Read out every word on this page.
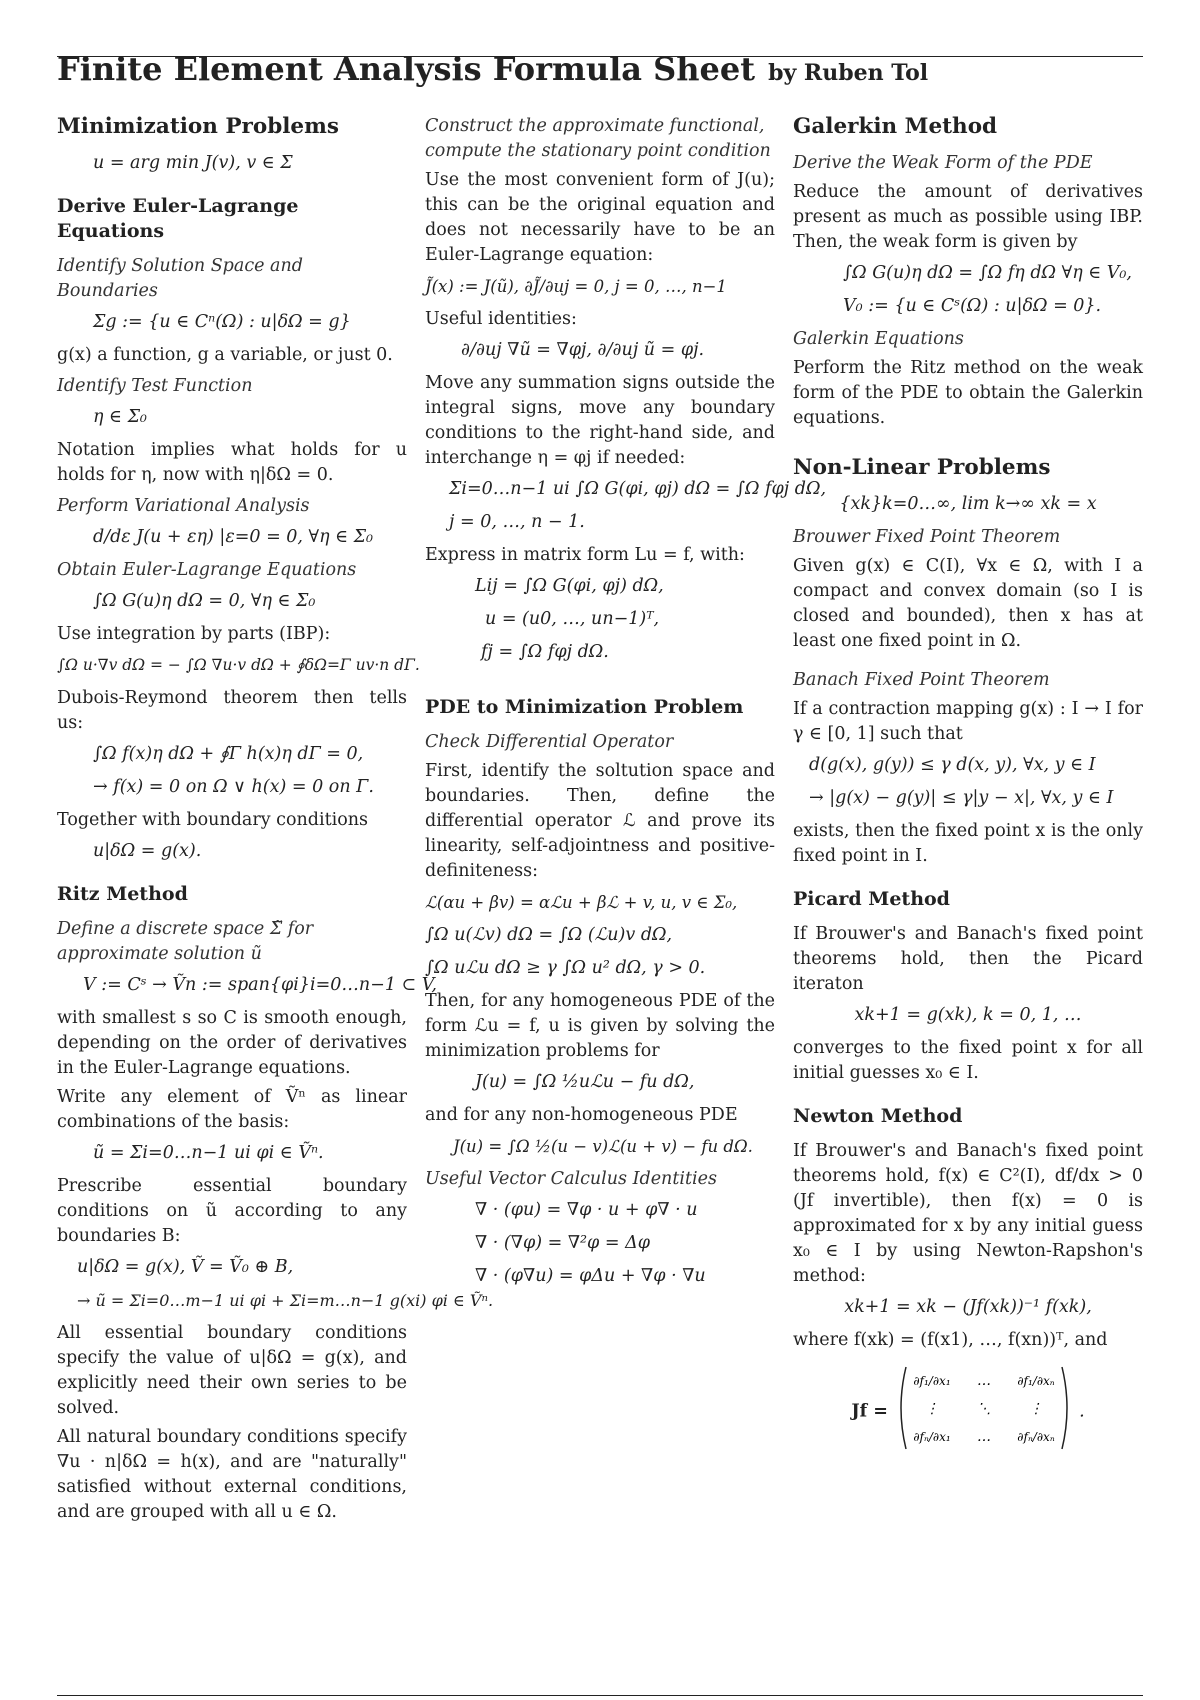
Finite Element Analysis Formula Sheet by Ruben Tol
Minimization Problems
u = arg min J(v), v ∈ Σ
Derive Euler-Lagrange Equations
Identify Solution Space and Boundaries
Σg := {u ∈ Cⁿ(Ω) : u|δΩ = g}

g(x) a function, g a variable, or just 0.

Identify Test Function
η ∈ Σ₀

Notation implies what holds for u holds for η, now with η|δΩ = 0.

Perform Variational Analysis
d/dε J(u + εη) |ε=0 = 0, ∀η ∈ Σ₀
Obtain Euler-Lagrange Equations
∫Ω G(u)η dΩ = 0, ∀η ∈ Σ₀

Use integration by parts (IBP):

∫Ω u·∇v dΩ = − ∫Ω ∇u·v dΩ + ∮δΩ=Γ uv·n dΓ.

Dubois-Reymond theorem then tells us:

∫Ω f(x)η dΩ + ∮Γ h(x)η dΓ = 0,
→ f(x) = 0 on Ω ∨ h(x) = 0 on Γ.

Together with boundary conditions

u|δΩ = g(x).
Ritz Method
Define a discrete space Σ̃ for approximate solution ũ
V := Cˢ → Ṽn := span{φi}i=0…n−1 ⊂ V,

with smallest s so C is smooth enough, depending on the order of derivatives in the Euler-Lagrange equations.

Write any element of Ṽⁿ as linear combinations of the basis:

ũ = Σi=0…n−1 ui φi ∈ Ṽⁿ.

Prescribe essential boundary conditions on ũ according to any boundaries B:

u|δΩ = g(x), Ṽ = Ṽ₀ ⊕ B,
→ ũ = Σi=0…m−1 ui φi + Σi=m…n−1 g(xi) φi ∈ Ṽⁿ.

All essential boundary conditions specify the value of u|δΩ = g(x), and explicitly need their own series to be solved.

All natural boundary conditions specify ∇u · n|δΩ = h(x), and are "naturally" satisfied without external conditions, and are grouped with all u ∈ Ω.

Construct the approximate functional, compute the stationary point condition

Use the most convenient form of J(u); this can be the original equation and does not necessarily have to be an Euler-Lagrange equation:

J̃(x) := J(ũ), ∂J̃/∂uj = 0, j = 0, …, n−1

Useful identities:

∂/∂uj ∇ũ = ∇φj, ∂/∂uj ũ = φj.

Move any summation signs outside the integral signs, move any boundary conditions to the right-hand side, and interchange η = φj if needed:

Σi=0…n−1 ui ∫Ω G(φi, φj) dΩ = ∫Ω fφj dΩ,
j = 0, …, n − 1.

Express in matrix form Lu = f, with:

Lij = ∫Ω G(φi, φj) dΩ,
u = (u0, …, un−1)ᵀ,
fj = ∫Ω fφj dΩ.
PDE to Minimization Problem
Check Differential Operator

First, identify the soltution space and boundaries. Then, define the differential operator ℒ and prove its linearity, self-adjointness and positive-definiteness:

ℒ(αu + βv) = αℒu + βℒ + v, u, v ∈ Σ₀,
∫Ω u(ℒv) dΩ = ∫Ω (ℒu)v dΩ,
∫Ω uℒu dΩ ≥ γ ∫Ω u² dΩ, γ > 0.

Then, for any homogeneous PDE of the form ℒu = f, u is given by solving the minimization problems for

J(u) = ∫Ω ½uℒu − fu dΩ,

and for any non-homogeneous PDE

J(u) = ∫Ω ½(u − v)ℒ(u + v) − fu dΩ.
Useful Vector Calculus Identities
∇ · (φu) = ∇φ · u + φ∇ · u
∇ · (∇φ) = ∇²φ = Δφ
∇ · (φ∇u) = φΔu + ∇φ · ∇u
Galerkin Method
Derive the Weak Form of the PDE

Reduce the amount of derivatives present as much as possible using IBP. Then, the weak form is given by

∫Ω G(u)η dΩ = ∫Ω fη dΩ ∀η ∈ V₀,
V₀ := {u ∈ Cˢ(Ω) : u|δΩ = 0}.
Galerkin Equations

Perform the Ritz method on the weak form of the PDE to obtain the Galerkin equations.

Non-Linear Problems
{xk}k=0…∞, lim k→∞ xk = x
Brouwer Fixed Point Theorem

Given g(x) ∈ C(I), ∀x ∈ Ω, with I a compact and convex domain (so I is closed and bounded), then x has at least one fixed point in Ω.

Banach Fixed Point Theorem

If a contraction mapping g(x) : I → I for γ ∈ [0, 1] such that

d(g(x), g(y)) ≤ γ d(x, y), ∀x, y ∈ I
→ |g(x) − g(y)| ≤ γ|y − x|, ∀x, y ∈ I

exists, then the fixed point x is the only fixed point in I.

Picard Method

If Brouwer's and Banach's fixed point theorems hold, then the Picard iteraton

xk+1 = g(xk), k = 0, 1, …

converges to the fixed point x for all initial guesses x₀ ∈ I.

Newton Method

If Brouwer's and Banach's fixed point theorems hold, f(x) ∈ C²(I), df/dx > 0 (Jf invertible), then f(x) = 0 is approximated for x by any initial guess x₀ ∈ I by using Newton-Rapshon's method:

xk+1 = xk − (Jf(xk))⁻¹ f(xk),

where f(xk) = (f(x1), …, f(xn))ᵀ, and

Jf =
∂f₁/∂x₁ … ∂f₁/∂xₙ
⋮	⋱	⋮
∂fₙ/∂x₁ … ∂fₙ/∂xₙ
.
